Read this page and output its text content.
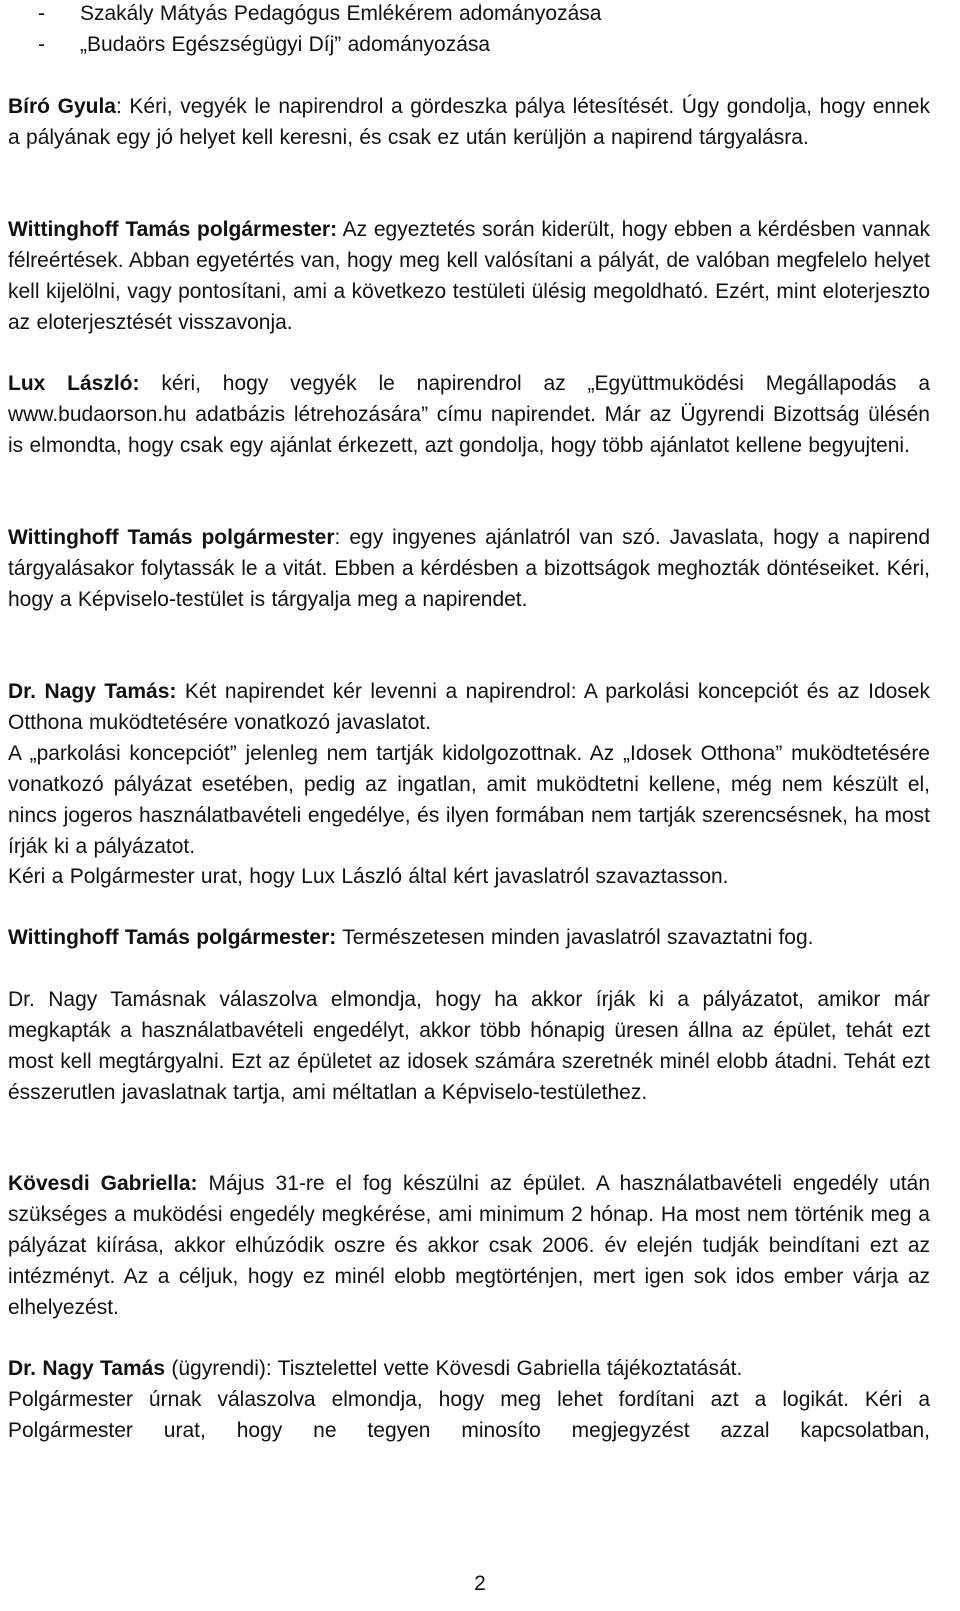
- Szakály Mátyás Pedagógus Emlékérem adományozása
- „Budaörs Egészségügyi Díj” adományozása

Bíró Gyula: Kéri, vegyék le napirendrol a gördeszka pálya létesítését. Úgy gondolja, hogy ennek a pályának egy jó helyet kell keresni, és csak ez után kerüljön a napirend tárgyalásra.

Wittinghoff Tamás polgármester: Az egyeztetés során kiderült, hogy ebben a kérdésben vannak félreértések. Abban egyetértés van, hogy meg kell valósítani a pályát, de valóban megfelelo helyet kell kijelölni, vagy pontosítani, ami a következo testületi ülésig megoldható. Ezért, mint eloterjeszto az eloterjesztését visszavonja.

Lux László: kéri, hogy vegyék le napirendrol az „Együttmuködési Megállapodás a www.budaorson.hu adatbázis létrehozására” címu napirendet. Már az Ügyrendi Bizottság ülésén is elmondta, hogy csak egy ajánlat érkezett, azt gondolja, hogy több ajánlatot kellene begyujteni.

Wittinghoff Tamás polgármester: egy ingyenes ajánlatról van szó. Javaslata, hogy a napirend tárgyalásakor folytassák le a vitát. Ebben a kérdésben a bizottságok meghozták döntéseiket. Kéri, hogy a Képviselo-testület is tárgyalja meg a napirendet.

Dr. Nagy Tamás: Két napirendet kér levenni a napirendrol: A parkolási koncepciót és az Idosek Otthona muködtetésére vonatkozó javaslatot.

A „parkolási koncepciót” jelenleg nem tartják kidolgozottnak. Az „Idosek Otthona” muködtetésére vonatkozó pályázat esetében, pedig az ingatlan, amit muködtetni kellene, még nem készült el, nincs jogeros használatbavételi engedélye, és ilyen formában nem tartják szerencsésnek, ha most írják ki a pályázatot.

Kéri a Polgármester urat, hogy Lux László által kért javaslatról szavaztasson.

Wittinghoff Tamás polgármester: Természetesen minden javaslatról szavaztatni fog.

Dr. Nagy Tamásnak válaszolva elmondja, hogy ha akkor írják ki a pályázatot, amikor már megkapták a használatbavételi engedélyt, akkor több hónapig üresen állna az épület, tehát ezt most kell megtárgyalni. Ezt az épületet az idosek számára szeretnék minél elobb átadni. Tehát ezt ésszerutlen javaslatnak tartja, ami méltatlan a Képviselo-testülethez.

Kövesdi Gabriella: Május 31-re el fog készülni az épület. A használatbavételi engedély után szükséges a muködési engedély megkérése, ami minimum 2 hónap. Ha most nem történik meg a pályázat kiírása, akkor elhúzódik oszre és akkor csak 2006. év elején tudják beindítani ezt az intézményt. Az a céljuk, hogy ez minél elobb megtörténjen, mert igen sok idos ember várja az elhelyezést.

Dr. Nagy Tamás (ügyrendi): Tisztelettel vette Kövesdi Gabriella tájékoztatását.

Polgármester úrnak válaszolva elmondja, hogy meg lehet fordítani azt a logikát. Kéri a Polgármester urat, hogy ne tegyen minosíto megjegyzést azzal kapcsolatban,

2
